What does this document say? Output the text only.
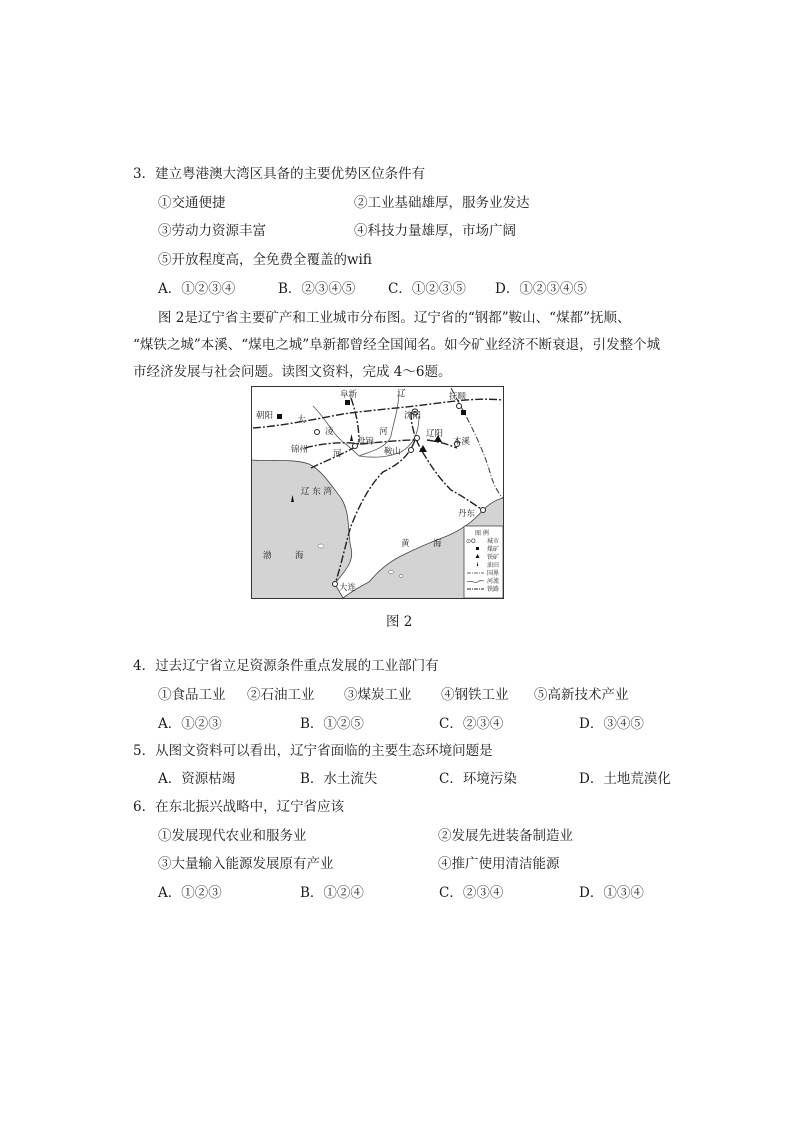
3．建立粤港澳大湾区具备的主要优势区位条件有
①交通便捷	②工业基础雄厚，服务业发达
③劳动力资源丰富	④科技力量雄厚，市场广阔
⑤开放程度高，全免费全覆盖的wifi
A．①②③④	B．②③④⑤ C．①②③⑤ D．①②③④⑤
图 2是辽宁省主要矿产和工业城市分布图。辽宁省的“钢都”鞍山、“煤都”抚顺、
“煤铁之城”本溪、“煤电之城”阜新都曾经全国闻名。如今矿业经济不断衰退，引发整个城
市经济发展与社会问题。读图文资料，完成 4～6题。
阜新	抚顺
朝阳	沈阳
锦州
盘锦
辽阳
本溪
鞍山
丹东
大连
辽
大
凌	河
河
辽 东 湾
渤	海
黄	海
图 例
⊙O 城市
煤矿
铁矿
油田
国界
河流
铁路
图 2
4．过去辽宁省立足资源条件重点发展的工业部门有
①食品工业 ②石油工业 ③煤炭工业 ④钢铁工业 ⑤高新技术产业
A．①②③	B．①②⑤	C．②③④	D．③④⑤
5．从图文资料可以看出，辽宁省面临的主要生态环境问题是
A．资源枯竭	B．水土流失	C．环境污染	D．土地荒漠化
6．在东北振兴战略中，辽宁省应该
①发展现代农业和服务业	②发展先进装备制造业
③大量输入能源发展原有产业	④推广使用清洁能源
A．①②③	B．①②④	C．②③④	D．①③④
